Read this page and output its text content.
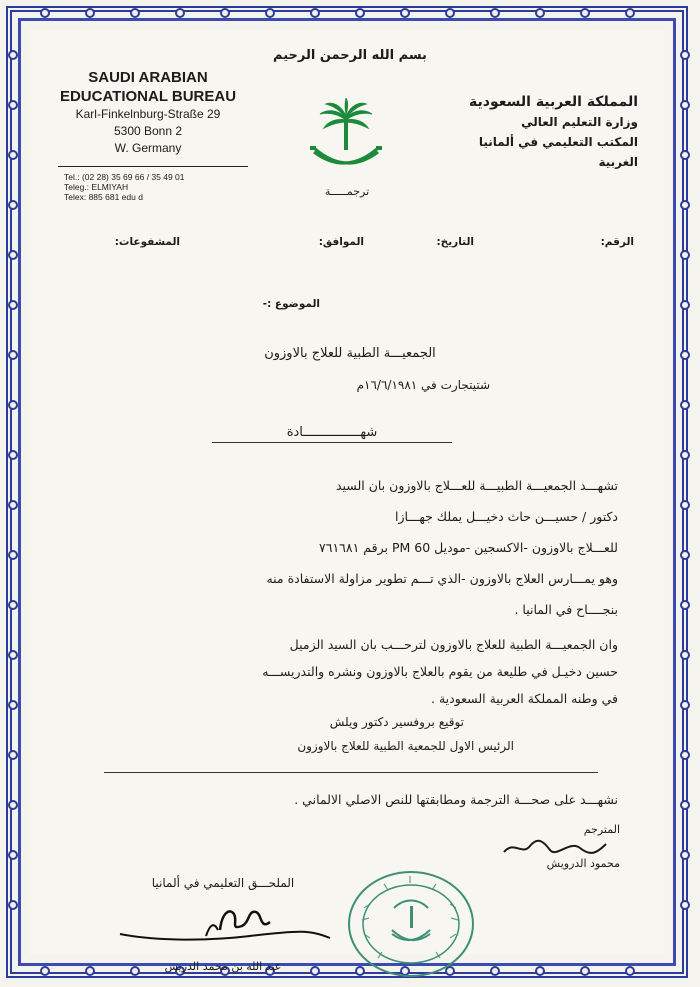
بسم الله الرحمن الرحيم
SAUDI ARABIAN
EDUCATIONAL BUREAU
Karl-Finkelnburg-Straße 29
5300 Bonn 2
W. Germany
Tel.: (02 28) 35 69 66 / 35 49 01
Teleg.: ELMIYAH
Telex: 885 681 edu d
المملكة العربية السعودية
وزارة التعليم العالي
المكتب التعليمي في ألمانيا الغربية
ترجمـــــة
الرقم:
التاريخ:
الموافق:
المشفوعات:
الموضوع :-
الجمعيـــة الطبية للعلاج بالاوزون
شتيتجارت في ١٦/٦/١٩٨١م
شهـــــــــــــــادة
تشهـــد الجمعيـــة الطبيـــة للعـــلاج بالاوزون بان السيد
دكتور / حسيـــن حاث دخيـــل يملك جهـــازا
للعـــلاج بالاوزون -الاكسجين -موديل PM 60 برقم ٧٦١٦٨١
وهو يمـــارس العلاج بالاوزون -الذي تـــم تطوير مزاولة الاستفادة منه
بنجــــاح في المانيا .
وان الجمعيـــة الطبية للعلاج بالاوزون لترحـــب بان السيد الزميل
حسين دخيـل في طليعة من يقوم بالعلاج بالاوزون ونشره والتدريســـه
في وطنه المملكة العربية السعودية .
توقيع بروفسير دكتور ويلش
الرئيس الاول للجمعية الطبية للعلاج بالاوزون
نشهـــد على صحـــة الترجمة ومطابقتها للنص الاصلي الالماني .
المترجم
محمود الدرويش
الملحـــق التعليمي في ألمانيا
عبد الله بن محمد الدريس
